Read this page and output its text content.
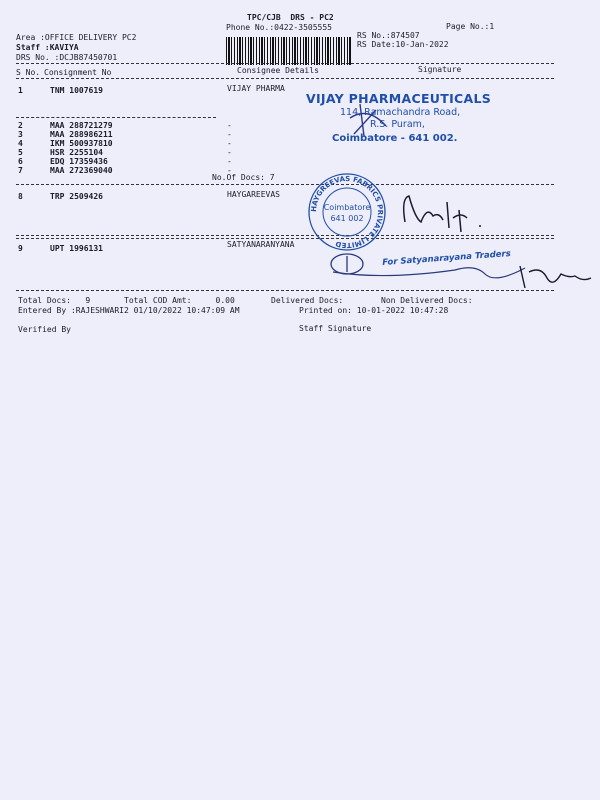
TPC/CJB  DRS - PC2
Phone No.:0422-3505555	Page No.:1
Area :OFFICE DELIVERY PC2
Staff :KAVIYA
DRS No. :DCJB87450701
RS No.:874507
RS Date:10-Jan-2022
S No. Consignment No	Consignee Details	Signature
1	TNM 1007619	VIJAY PHARMA
2	MAA 288721279	-
3	MAA 288986211	-
4	IKM 500937810	-
5	HSR 2255104	-
6	EDQ 17359436	-
7	MAA 272369040	-
No.Of Docs: 7
8	TRP 2509426	HAYGAREEVAS
9	UPT 1996131	SATYANARANYANA
VIJAY PHARMACEUTICALS
114, Ramachandra Road,
R.S. Puram,
Coimbatore - 641 002.
HAYGREEVAS FABRICS PRIVATE LIMITED
Coimbatore
641 002
For Satyanarayana Traders
Total Docs:   9	Total COD Amt:     0.00	Delivered Docs:	Non Delivered Docs:
Entered By :RAJESHWARI2 01/10/2022 10:47:09 AM	Printed on: 10-01-2022 10:47:28
Verified By	Staff Signature
